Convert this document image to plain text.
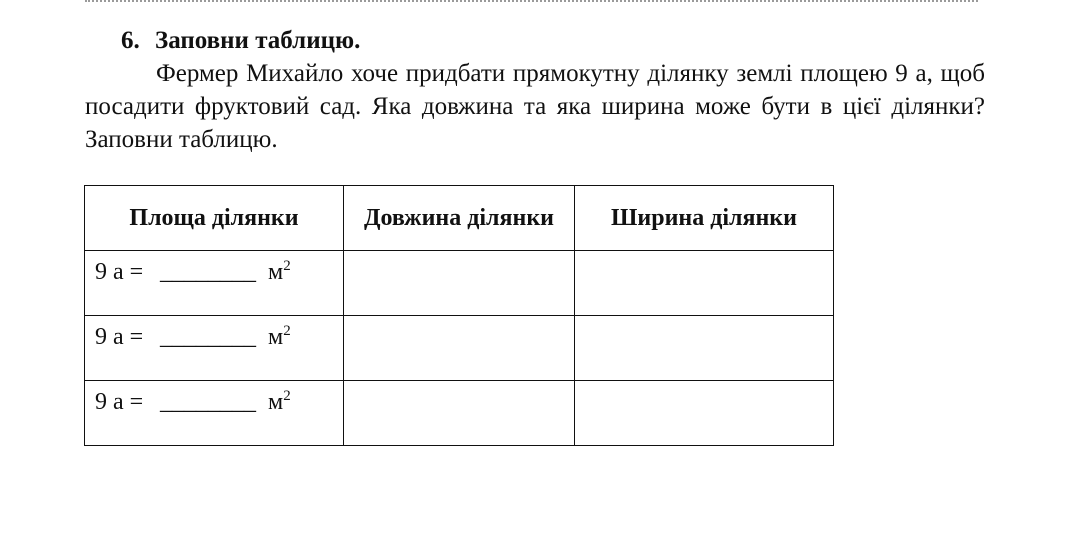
6. Заповни таблицю.

Фермер Михайло хоче придбати прямокутну ділянку землі площею 9 а, щоб посадити фруктовий сад. Яка довжина та яка ширина може бути в цієї ділянки? Заповни таблицю.

Площа ділянки	Довжина ділянки	Ширина ділянки

9 а = ________ $м^2$

9 а = ________ $м^2$

9 а = ________ $м^2$
